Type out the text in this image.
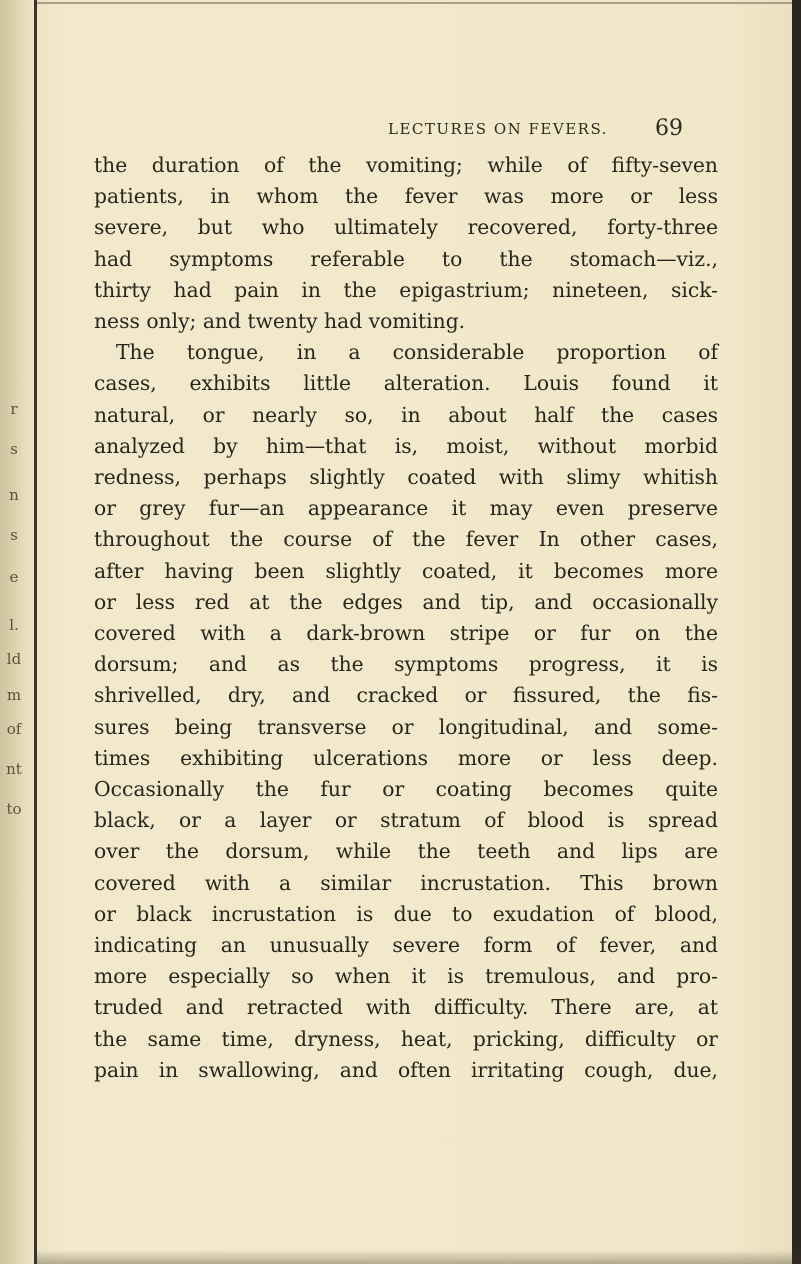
r
s
n
s
e
l.
ld
m
of
nt
to
LECTURES ON FEVERS. 69
the duration of the vomiting; while of fifty-seven
patients, in whom the fever was more or less
severe, but who ultimately recovered, forty-three
had symptoms referable to the stomach—viz.,
thirty had pain in the epigastrium; nineteen, sick-
ness only; and twenty had vomiting.
The tongue, in a considerable proportion of
cases, exhibits little alteration. Louis found it
natural, or nearly so, in about half the cases
analyzed by him—that is, moist, without morbid
redness, perhaps slightly coated with slimy whitish
or grey fur—an appearance it may even preserve
throughout the course of the fever In other cases,
after having been slightly coated, it becomes more
or less red at the edges and tip, and occasionally
covered with a dark-brown stripe or fur on the
dorsum; and as the symptoms progress, it is
shrivelled, dry, and cracked or fissured, the fis-
sures being transverse or longitudinal, and some-
times exhibiting ulcerations more or less deep.
Occasionally the fur or coating becomes quite
black, or a layer or stratum of blood is spread
over the dorsum, while the teeth and lips are
covered with a similar incrustation. This brown
or black incrustation is due to exudation of blood,
indicating an unusually severe form of fever, and
more especially so when it is tremulous, and pro-
truded and retracted with difficulty. There are, at
the same time, dryness, heat, pricking, difficulty or
pain in swallowing, and often irritating cough, due,
